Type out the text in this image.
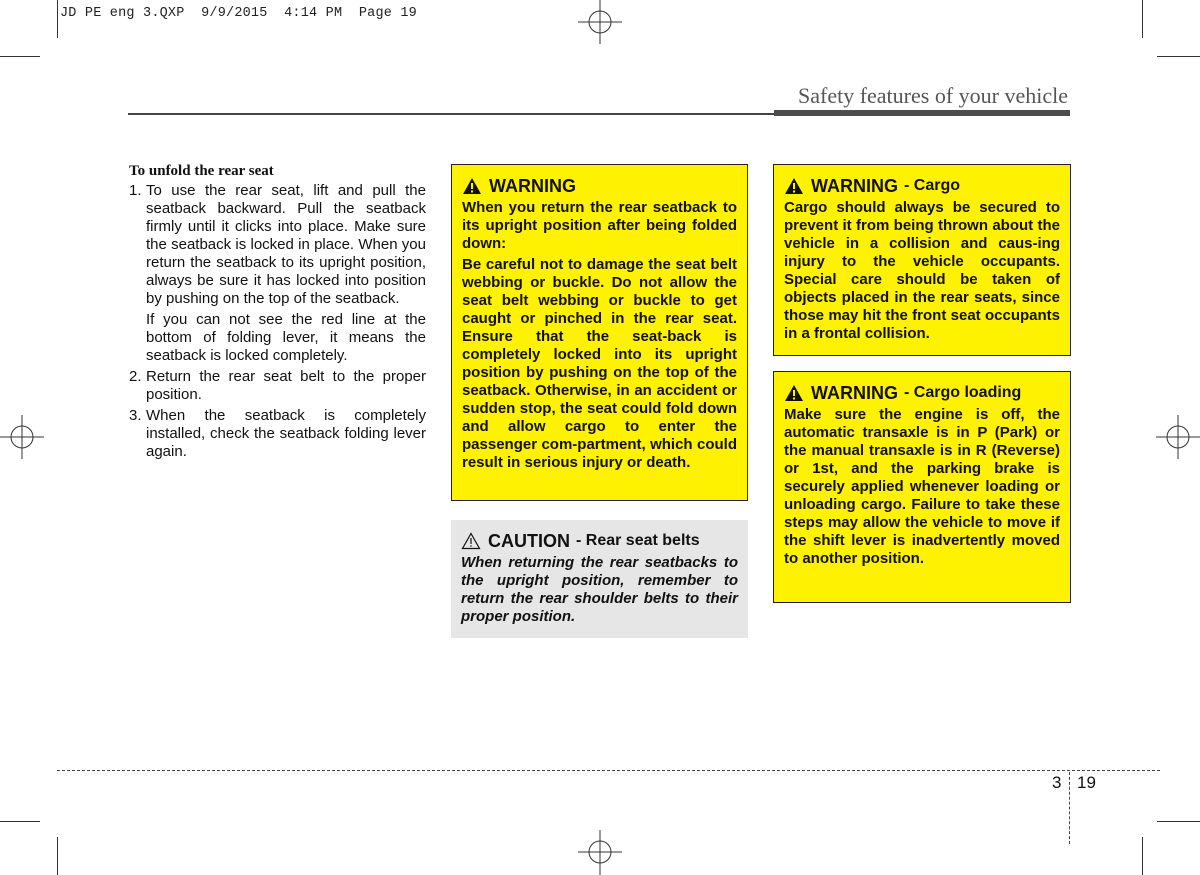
JD PE eng 3.QXP  9/9/2015  4:14 PM  Page 19
Safety features of your vehicle
To unfold the rear seat
1. To use the rear seat, lift and pull the seatback backward. Pull the seatback firmly until it clicks into place. Make sure the seatback is locked in place. When you return the seatback to its upright position, always be sure it has locked into position by pushing on the top of the seatback.
If you can not see the red line at the bottom of folding lever, it means the seatback is locked completely.
2. Return the rear seat belt to the proper position.
3. When the seatback is completely installed, check the seatback folding lever again.
WARNING

When you return the rear seatback to its upright position after being folded down:

Be careful not to damage the seat belt webbing or buckle. Do not allow the seat belt webbing or buckle to get caught or pinched in the rear seat. Ensure that the seat-back is completely locked into its upright position by pushing on the top of the seatback. Otherwise, in an accident or sudden stop, the seat could fold down and allow cargo to enter the passenger com-partment, which could result in serious injury or death.

CAUTION - Rear seat belts

When returning the rear seatbacks to the upright position, remember to return the rear shoulder belts to their proper position.

WARNING - Cargo

Cargo should always be secured to prevent it from being thrown about the vehicle in a collision and caus-ing injury to the vehicle occupants. Special care should be taken of objects placed in the rear seats, since those may hit the front seat occupants in a frontal collision.

WARNING - Cargo loading

Make sure the engine is off, the automatic transaxle is in P (Park) or the manual transaxle is in R (Reverse) or 1st, and the parking brake is securely applied whenever loading or unloading cargo. Failure to take these steps may allow the vehicle to move if the shift lever is inadvertently moved to another position.

3 19
